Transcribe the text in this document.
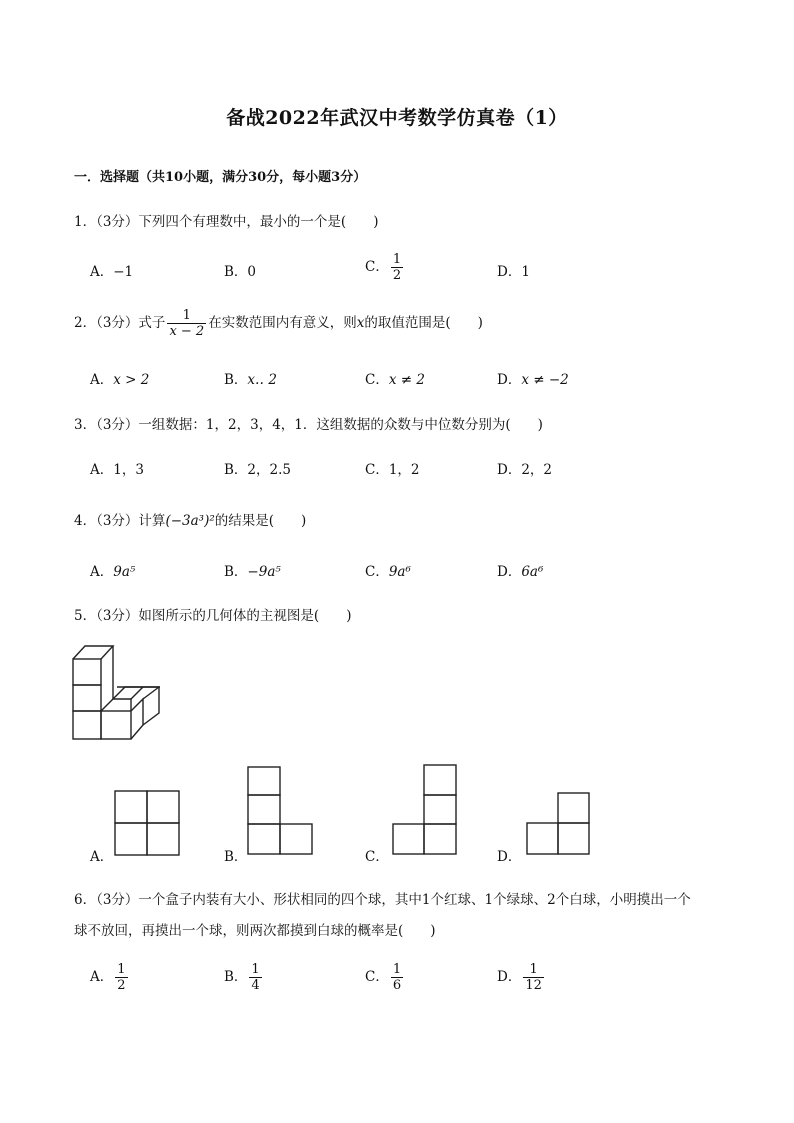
备战2022年武汉中考数学仿真卷（1）
一．选择题（共10小题，满分30分，每小题3分）
1．（3分）下列四个有理数中，最小的一个是(　　)
A．−1	B．0	C． $\frac{1}{2}$	D．1
2．（3分）式子 $\frac{1}{x - 2}$ 在实数范围内有意义，则x的取值范围是(　　)
A．x > 2	B．x‥ 2	C．x ≠ 2	D．x ≠ −2
3．（3分）一组数据：1，2，3，4，1．这组数据的众数与中位数分别为(　　)
A．1，3	B．2，2.5	C．1，2	D．2，2
4．（3分）计算(−3a³)²的结果是(　　)
A．9a⁵	B．−9a⁵	C．9a⁶	D．6a⁶
5．（3分）如图所示的几何体的主视图是(　　)
A．	B．	C．	D．
6．（3分）一个盒子内装有大小、形状相同的四个球，其中1个红球、1个绿球、2个白球，小明摸出一个
球不放回，再摸出一个球，则两次都摸到白球的概率是(　　)
A． $\frac{1}{2}$	B． $\frac{1}{4}$	C． $\frac{1}{6}$	D． $\frac{1}{12}$
